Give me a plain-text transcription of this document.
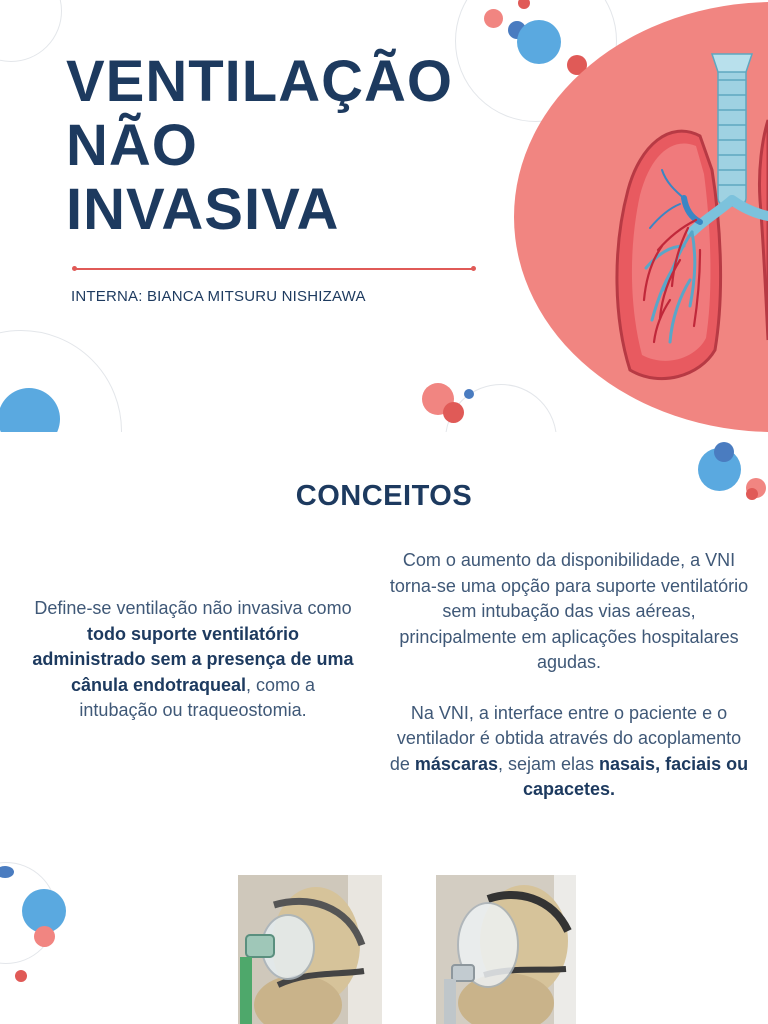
VENTILAÇÃO
NÃO
INVASIVA
INTERNA: BIANCA MITSURU NISHIZAWA
CONCEITOS
Define-se ventilação não invasiva como todo suporte ventilatório administrado sem a presença de uma cânula endotraqueal, como a intubação ou traqueostomia.

Com o aumento da disponibilidade, a VNI torna-se uma opção para suporte ventilatório sem intubação das vias aéreas, principalmente em aplicações hospitalares agudas.

Na VNI, a interface entre o paciente e o ventilador é obtida através do acoplamento de máscaras, sejam elas nasais, faciais ou capacetes.
